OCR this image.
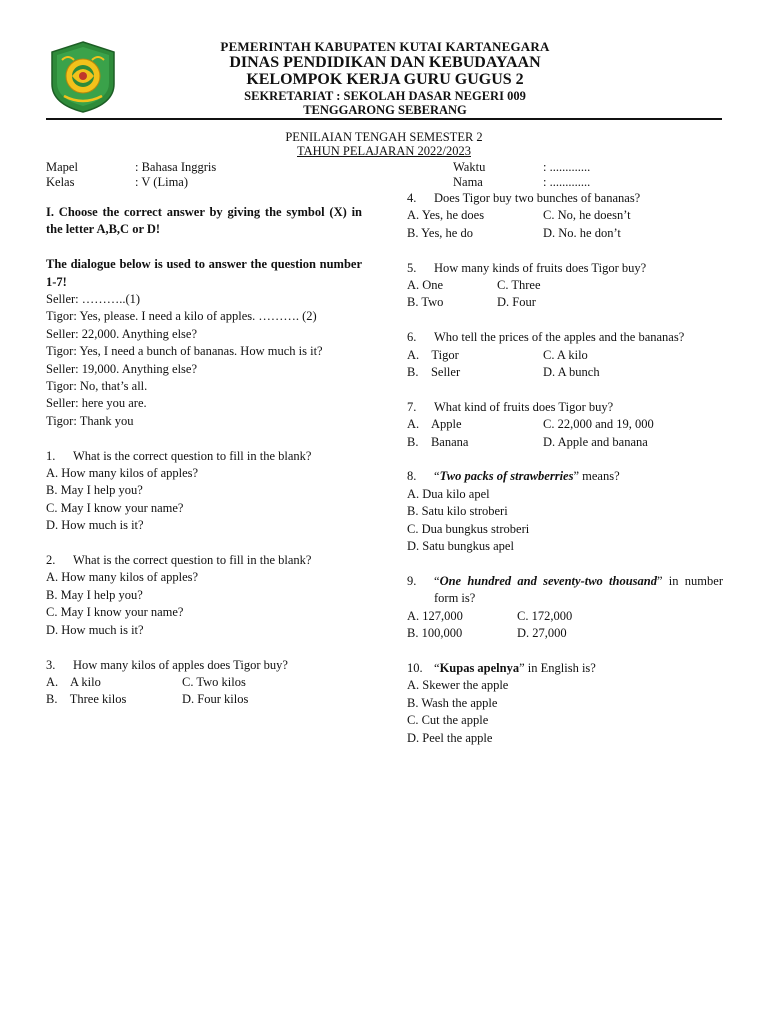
PEMERINTAH KABUPATEN KUTAI KARTANEGARA
DINAS PENDIDIKAN DAN KEBUDAYAAN
KELOMPOK KERJA GURU GUGUS 2
SEKRETARIAT : SEKOLAH DASAR NEGERI 009
TENGGARONG SEBERANG
PENILAIAN TENGAH SEMESTER 2
TAHUN PELAJARAN 2022/2023
Mapel	: Bahasa Inggris
Kelas	: V (Lima)
Waktu	: .............
Nama	: .............

I. Choose the correct answer by giving the symbol (X) in the letter A,B,C or D!

The dialogue below is used to answer the question number 1-7!

Seller: ………..(1)

Tigor: Yes, please. I need a kilo of apples. ………. (2)

Seller: 22,000. Anything else?

Tigor: Yes, I need a bunch of bananas. How much is it?

Seller: 19,000. Anything else?

Tigor: No, that’s all.

Seller: here you are.

Tigor: Thank you

1.	What is the correct question to fill in the blank?

A. How many kilos of apples?

B. May I help you?

C. May I know your name?

D. How much is it?

2.	What is the correct question to fill in the blank?

A. How many kilos of apples?

B. May I help you?

C. May I know your name?

D. How much is it?

3.	How many kilos of apples does Tigor buy?
A.    A kilo	C. Two kilos
B.    Three kilos	D. Four kilos
4.	Does Tigor buy two bunches of bananas?
A. Yes, he does	C. No, he doesn’t
B. Yes, he do	D. No. he don’t
5.	How many kinds of fruits does Tigor buy?
A. One	C. Three
B. Two	D. Four
6.	Who tell the prices of the apples and the bananas?
A.    Tigor	C. A kilo
B.    Seller	D. A bunch
7.	What kind of fruits does Tigor buy?
A.    Apple	C. 22,000 and 19, 000
B.    Banana	D. Apple and banana
8.	“Two packs of strawberries” means?

A. Dua kilo apel

B. Satu kilo stroberi

C. Dua bungkus stroberi

D. Satu bungkus apel

9.	“One hundred and seventy-two thousand” in number form is?
A. 127,000	C. 172,000
B. 100,000	D. 27,000
10. “Kupas apelnya” in English is?

A. Skewer the apple

B. Wash the apple

C. Cut the apple

D. Peel the apple
